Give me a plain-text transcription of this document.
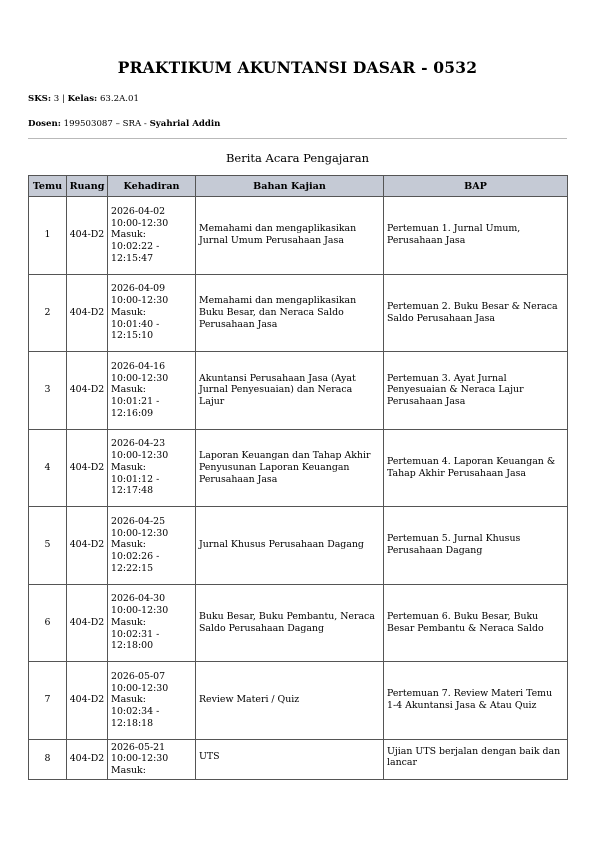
PRAKTIKUM AKUNTANSI DASAR - 0532
SKS: 3 | Kelas: 63.2A.01
Dosen: 199503087 – SRA - Syahrial Addin
Berita Acara Pengajaran
Temu	Ruang	Kehadiran	Bahan Kajian	BAP
1	404-D2	2026-04-02
10:00-12:30
Masuk:
10:02:22 - 12:15:47	Memahami dan mengaplikasikan Jurnal Umum Perusahaan Jasa	Pertemuan 1. Jurnal Umum, Perusahaan Jasa
2	404-D2	2026-04-09
10:00-12:30
Masuk:
10:01:40 - 12:15:10	Memahami dan mengaplikasikan Buku Besar, dan Neraca Saldo Perusahaan Jasa	Pertemuan 2. Buku Besar & Neraca Saldo Perusahaan Jasa
3	404-D2	2026-04-16
10:00-12:30
Masuk:
10:01:21 - 12:16:09	Akuntansi Perusahaan Jasa (Ayat Jurnal Penyesuaian) dan Neraca Lajur	Pertemuan 3. Ayat Jurnal Penyesuaian & Neraca Lajur Perusahaan Jasa
4	404-D2	2026-04-23
10:00-12:30
Masuk:
10:01:12 - 12:17:48	Laporan Keuangan dan Tahap Akhir Penyusunan Laporan Keuangan Perusahaan Jasa	Pertemuan 4. Laporan Keuangan & Tahap Akhir Perusahaan Jasa
5	404-D2	2026-04-25
10:00-12:30
Masuk:
10:02:26 - 12:22:15	Jurnal Khusus Perusahaan Dagang	Pertemuan 5. Jurnal Khusus Perusahaan Dagang
6	404-D2	2026-04-30
10:00-12:30
Masuk:
10:02:31 - 12:18:00	Buku Besar, Buku Pembantu, Neraca Saldo Perusahaan Dagang	Pertemuan 6. Buku Besar, Buku Besar Pembantu & Neraca Saldo
7	404-D2	2026-05-07
10:00-12:30
Masuk:
10:02:34 - 12:18:18	Review Materi / Quiz	Pertemuan 7. Review Materi Temu 1-4 Akuntansi Jasa & Atau Quiz
8	404-D2	2026-05-21
10:00-12:30
Masuk:	UTS	Ujian UTS berjalan dengan baik dan lancar
